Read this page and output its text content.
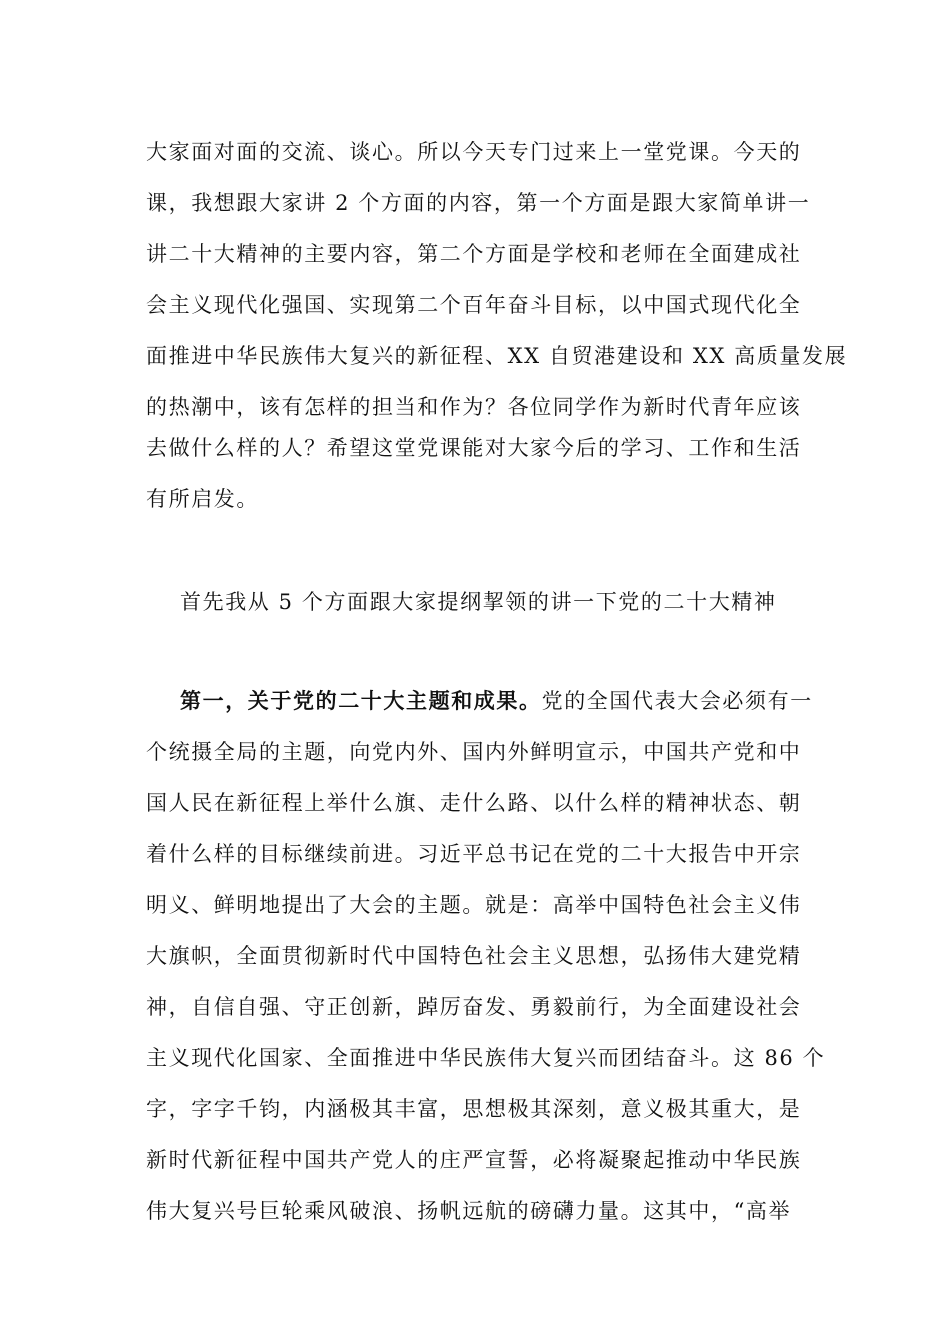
大家面对面的交流、谈心。所以今天专门过来上一堂党课。今天的
课，我想跟大家讲 2 个方面的内容，第一个方面是跟大家简单讲一
讲二十大精神的主要内容，第二个方面是学校和老师在全面建成社
会主义现代化强国、实现第二个百年奋斗目标，以中国式现代化全
面推进中华民族伟大复兴的新征程、XX 自贸港建设和 XX 高质量发展
的热潮中，该有怎样的担当和作为？各位同学作为新时代青年应该
去做什么样的人？希望这堂党课能对大家今后的学习、工作和生活
有所启发。
首先我从 5 个方面跟大家提纲挈领的讲一下党的二十大精神
第一，关于党的二十大主题和成果。党的全国代表大会必须有一
个统摄全局的主题，向党内外、国内外鲜明宣示，中国共产党和中
国人民在新征程上举什么旗、走什么路、以什么样的精神状态、朝
着什么样的目标继续前进。习近平总书记在党的二十大报告中开宗
明义、鲜明地提出了大会的主题。就是：高举中国特色社会主义伟
大旗帜，全面贯彻新时代中国特色社会主义思想，弘扬伟大建党精
神，自信自强、守正创新，踔厉奋发、勇毅前行，为全面建设社会
主义现代化国家、全面推进中华民族伟大复兴而团结奋斗。这 86 个
字，字字千钧，内涵极其丰富，思想极其深刻，意义极其重大，是
新时代新征程中国共产党人的庄严宣誓，必将凝聚起推动中华民族
伟大复兴号巨轮乘风破浪、扬帆远航的磅礴力量。这其中，“高举
